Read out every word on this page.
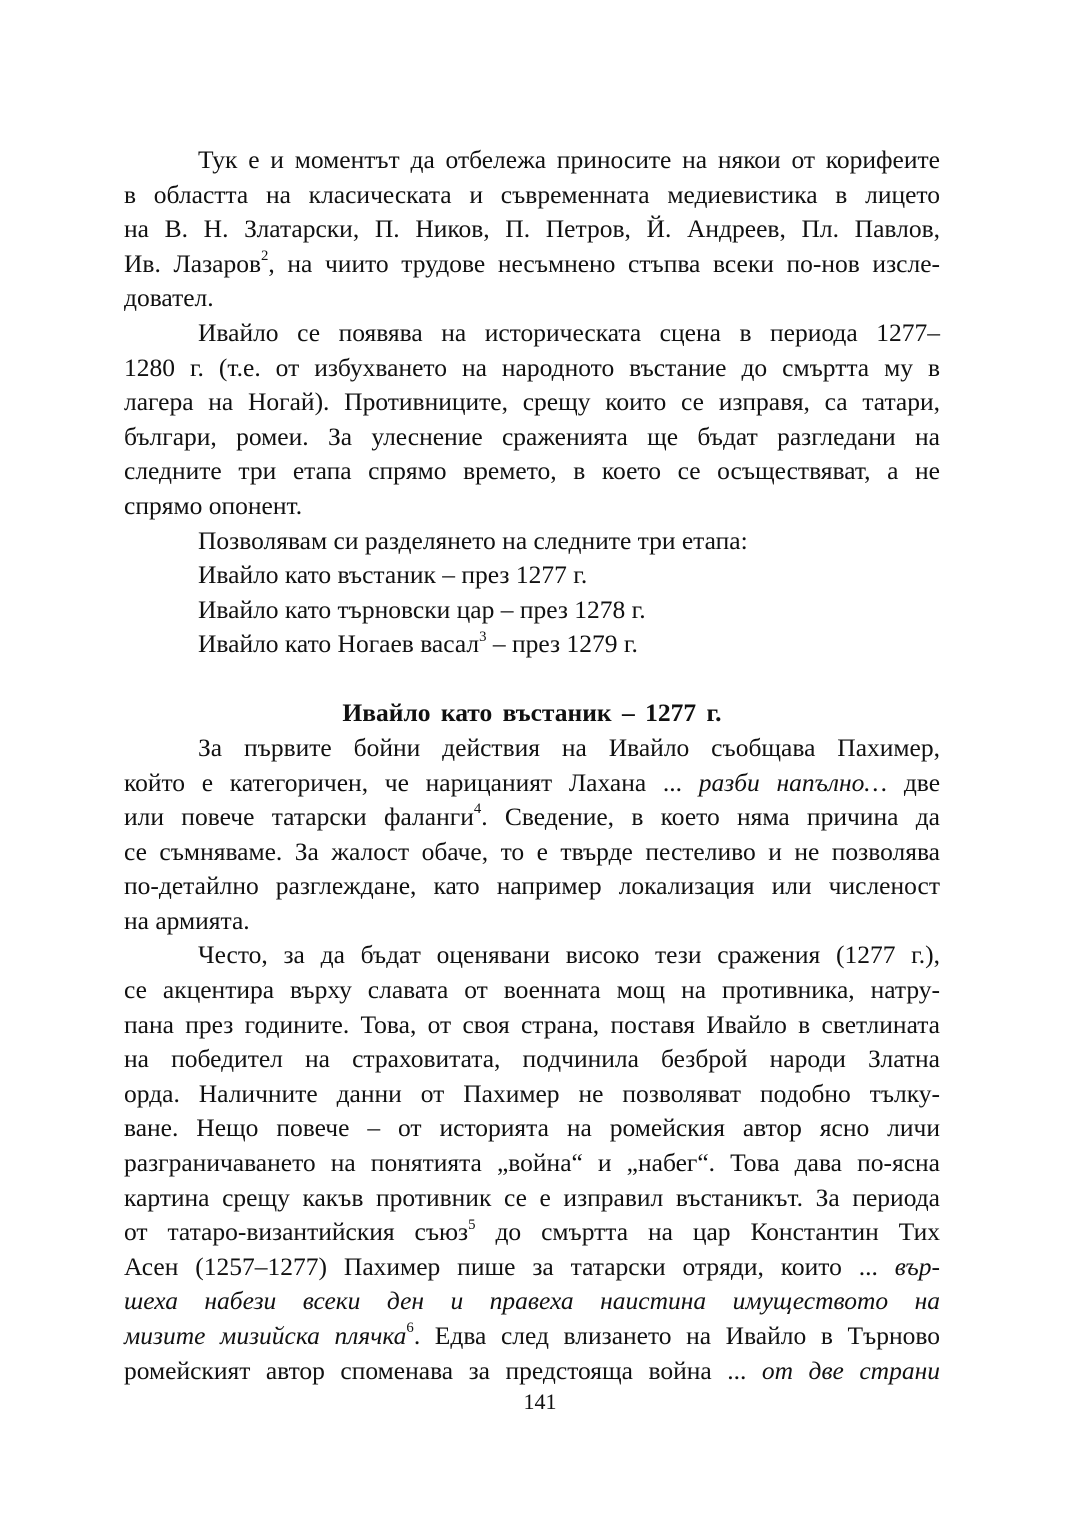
Тук е и моментът да отбележа приносите на някои от корифеите
в областта на класическата и съвременната медиевистика в лицето
на В. Н. Златарски, П. Ников, П. Петров, Й. Андреев, Пл. Павлов,
Ив. Лазаров$^2$, на чиито трудове несъмнено стъпва всеки по-нов изсле-
довател.

Ивайло се появява на историческата сцена в периода 1277–
1280 г. (т.е. от избухването на народното въстание до смъртта му в
лагера на Ногай). Противниците, срещу които се изправя, са татари,
българи, ромеи. За улеснение сраженията ще бъдат разгледани на
следните три етапа спрямо времето, в което се осъществяват, а не
спрямо опонент.

Позволявам си разделянето на следните три етапа:
Ивайло като въстаник – през 1277 г.
Ивайло като търновски цар – през 1278 г.
Ивайло като Ногаев васал$^3$ – през 1279 г.

Ивайло като въстаник – 1277 г.

За първите бойни действия на Ивайло съобщава Пахимер,
който е категоричен, че нарицаният Лахана ... разби напълно… две
или повече татарски фаланги$^4$. Сведение, в което няма причина да
се съмняваме. За жалост обаче, то е твърде пестеливо и не позволява
по-детайлно разглеждане, като например локализация или численост
на армията.

Често, за да бъдат оценявани високо тези сражения (1277 г.),
се акцентира върху славата от военната мощ на противника, натру-
пана през годините. Това, от своя страна, поставя Ивайло в светлината
на победител на страховитата, подчинила безброй народи Златна
орда. Наличните данни от Пахимер не позволяват подобно тълку-
ване. Нещо повече – от историята на ромейския автор ясно личи
разграничаването на понятията „война“ и „набег“. Това дава по-ясна
картина срещу какъв противник се е изправил въстаникът. За периода
от татаро-византийския съюз$^5$ до смъртта на цар Константин Тих
Асен (1257–1277) Пахимер пише за татарски отряди, които ... вър-
шеха набези всеки ден и правеха наистина имуществото на
мизите мизийска плячка$^6$. Едва след влизането на Ивайло в Търново
ромейският автор споменава за предстояща война ... от две страни

141
